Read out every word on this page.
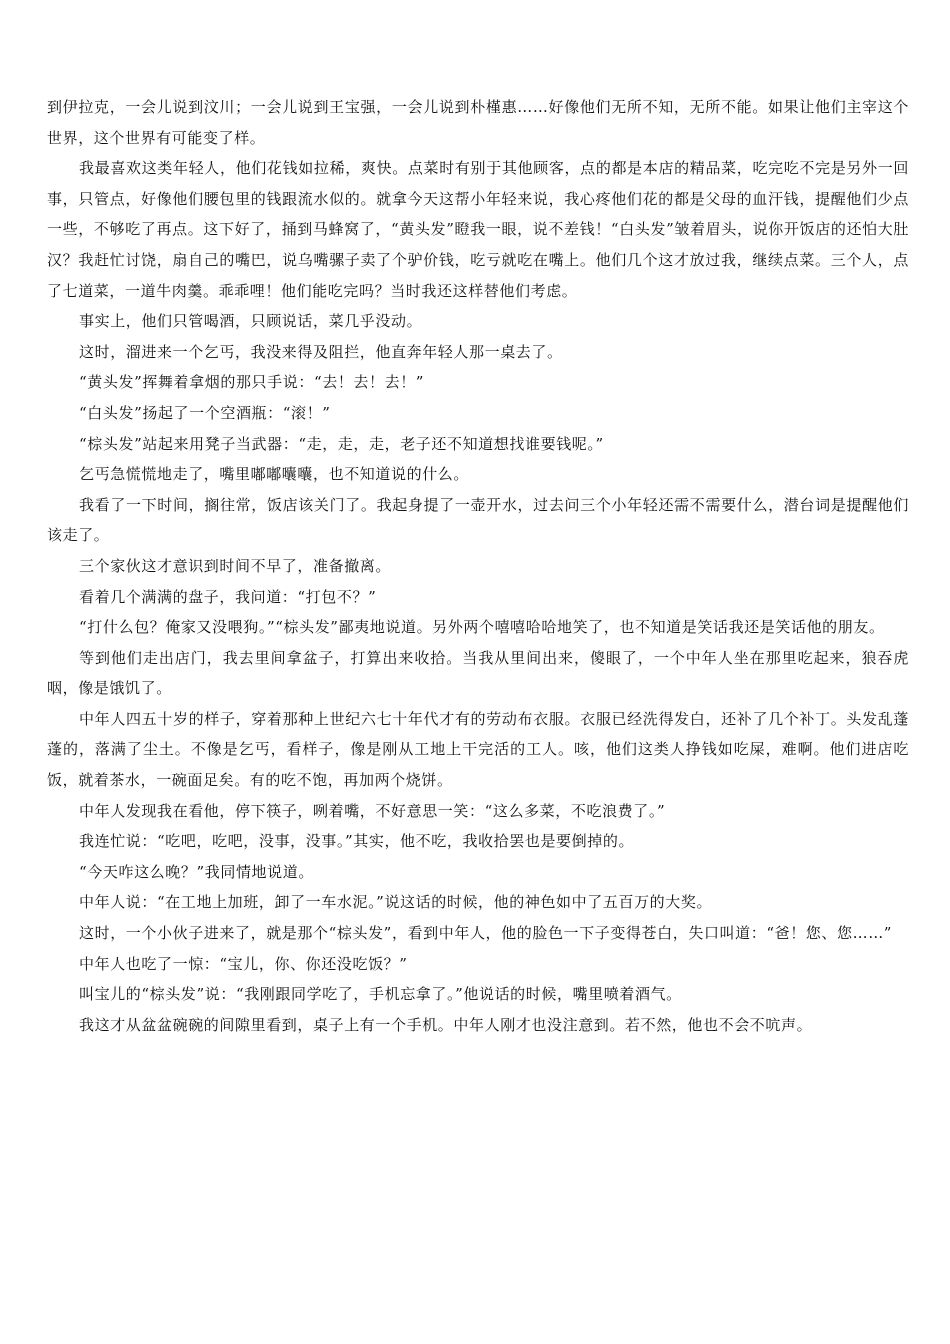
到伊拉克，一会儿说到汶川；一会儿说到王宝强，一会儿说到朴槿惠……好像他们无所不知，无所不能。如果让他们主宰这个世界，这个世界有可能变了样。

我最喜欢这类年轻人，他们花钱如拉稀，爽快。点菜时有别于其他顾客，点的都是本店的精品菜，吃完吃不完是另外一回事，只管点，好像他们腰包里的钱跟流水似的。就拿今天这帮小年轻来说，我心疼他们花的都是父母的血汗钱，提醒他们少点一些，不够吃了再点。这下好了，捅到马蜂窝了，“黄头发”瞪我一眼，说不差钱！“白头发”皱着眉头，说你开饭店的还怕大肚汉？我赶忙讨饶，扇自己的嘴巴，说乌嘴骡子卖了个驴价钱，吃亏就吃在嘴上。他们几个这才放过我，继续点菜。三个人，点了七道菜，一道牛肉羹。乖乖哩！他们能吃完吗？当时我还这样替他们考虑。

事实上，他们只管喝酒，只顾说话，菜几乎没动。

这时，溜进来一个乞丐，我没来得及阻拦，他直奔年轻人那一桌去了。

“黄头发”挥舞着拿烟的那只手说：“去！去！去！”

“白头发”扬起了一个空酒瓶：“滚！”

“棕头发”站起来用凳子当武器：“走，走，走，老子还不知道想找谁要钱呢。”

乞丐急慌慌地走了，嘴里嘟嘟囔囔，也不知道说的什么。

我看了一下时间，搁往常，饭店该关门了。我起身提了一壶开水，过去问三个小年轻还需不需要什么，潜台词是提醒他们该走了。

三个家伙这才意识到时间不早了，准备撤离。

看着几个满满的盘子，我问道：“打包不？”

“打什么包？俺家又没喂狗。”“棕头发”鄙夷地说道。另外两个嘻嘻哈哈地笑了，也不知道是笑话我还是笑话他的朋友。

等到他们走出店门，我去里间拿盆子，打算出来收拾。当我从里间出来，傻眼了，一个中年人坐在那里吃起来，狼吞虎咽，像是饿饥了。

中年人四五十岁的样子，穿着那种上世纪六七十年代才有的劳动布衣服。衣服已经洗得发白，还补了几个补丁。头发乱蓬蓬的，落满了尘土。不像是乞丐，看样子，像是刚从工地上干完活的工人。咳，他们这类人挣钱如吃屎，难啊。他们进店吃饭，就着茶水，一碗面足矣。有的吃不饱，再加两个烧饼。

中年人发现我在看他，停下筷子，咧着嘴，不好意思一笑：“这么多菜，不吃浪费了。”

我连忙说：“吃吧，吃吧，没事，没事。”其实，他不吃，我收拾罢也是要倒掉的。

“今天咋这么晚？”我同情地说道。

中年人说：“在工地上加班，卸了一车水泥。”说这话的时候，他的神色如中了五百万的大奖。

这时，一个小伙子进来了，就是那个“棕头发”，看到中年人，他的脸色一下子变得苍白，失口叫道：“爸！您、您……”

中年人也吃了一惊：“宝儿，你、你还没吃饭？”

叫宝儿的“棕头发”说：“我刚跟同学吃了，手机忘拿了。”他说话的时候，嘴里喷着酒气。

我这才从盆盆碗碗的间隙里看到，桌子上有一个手机。中年人刚才也没注意到。若不然，他也不会不吭声。
